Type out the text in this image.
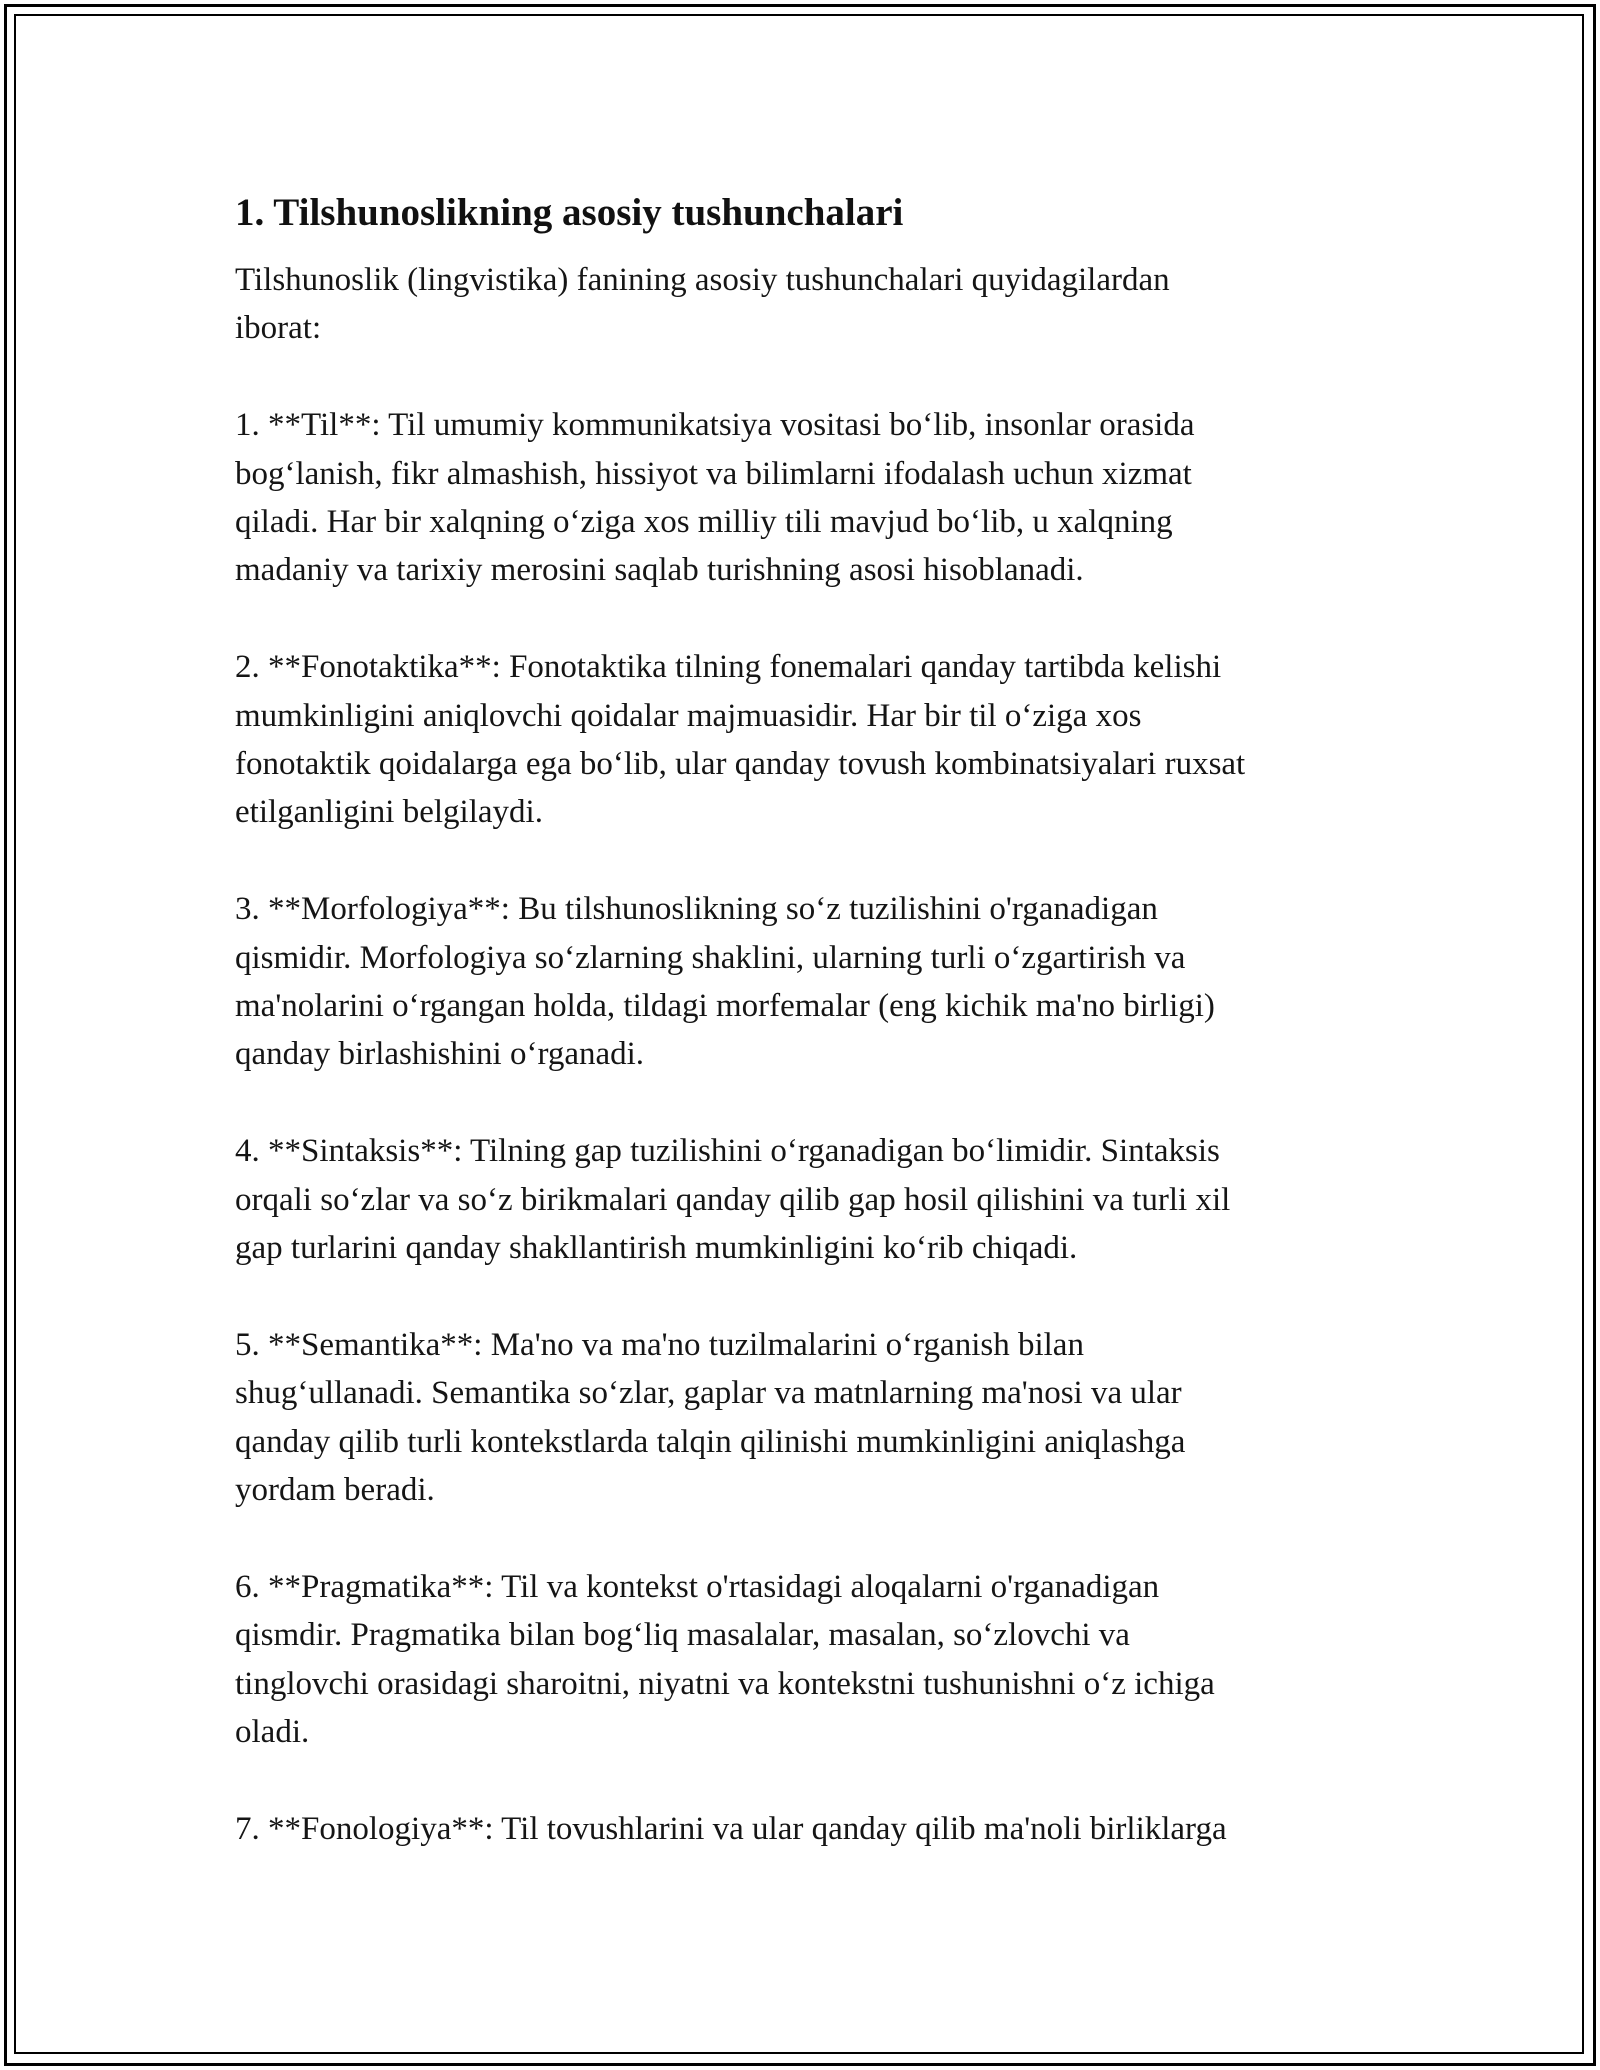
1. Tilshunoslikning asosiy tushunchalari

Tilshunoslik (lingvistika) fanining asosiy tushunchalari quyidagilardan
iborat:

1. **Til**: Til umumiy kommunikatsiya vositasi bo‘lib, insonlar orasida
bog‘lanish, fikr almashish, hissiyot va bilimlarni ifodalash uchun xizmat
qiladi. Har bir xalqning o‘ziga xos milliy tili mavjud bo‘lib, u xalqning
madaniy va tarixiy merosini saqlab turishning asosi hisoblanadi.

2. **Fonotaktika**: Fonotaktika tilning fonemalari qanday tartibda kelishi
mumkinligini aniqlovchi qoidalar majmuasidir. Har bir til o‘ziga xos
fonotaktik qoidalarga ega bo‘lib, ular qanday tovush kombinatsiyalari ruxsat
etilganligini belgilaydi.

3. **Morfologiya**: Bu tilshunoslikning so‘z tuzilishini o'rganadigan
qismidir. Morfologiya so‘zlarning shaklini, ularning turli o‘zgartirish va
ma'nolarini o‘rgangan holda, tildagi morfemalar (eng kichik ma'no birligi)
qanday birlashishini o‘rganadi.

4. **Sintaksis**: Tilning gap tuzilishini o‘rganadigan bo‘limidir. Sintaksis
orqali so‘zlar va so‘z birikmalari qanday qilib gap hosil qilishini va turli xil
gap turlarini qanday shakllantirish mumkinligini ko‘rib chiqadi.

5. **Semantika**: Ma'no va ma'no tuzilmalarini o‘rganish bilan
shug‘ullanadi. Semantika so‘zlar, gaplar va matnlarning ma'nosi va ular
qanday qilib turli kontekstlarda talqin qilinishi mumkinligini aniqlashga
yordam beradi.

6. **Pragmatika**: Til va kontekst o'rtasidagi aloqalarni o'rganadigan
qismdir. Pragmatika bilan bog‘liq masalalar, masalan, so‘zlovchi va
tinglovchi orasidagi sharoitni, niyatni va kontekstni tushunishni o‘z ichiga
oladi.

7. **Fonologiya**: Til tovushlarini va ular qanday qilib ma'noli birliklarga
